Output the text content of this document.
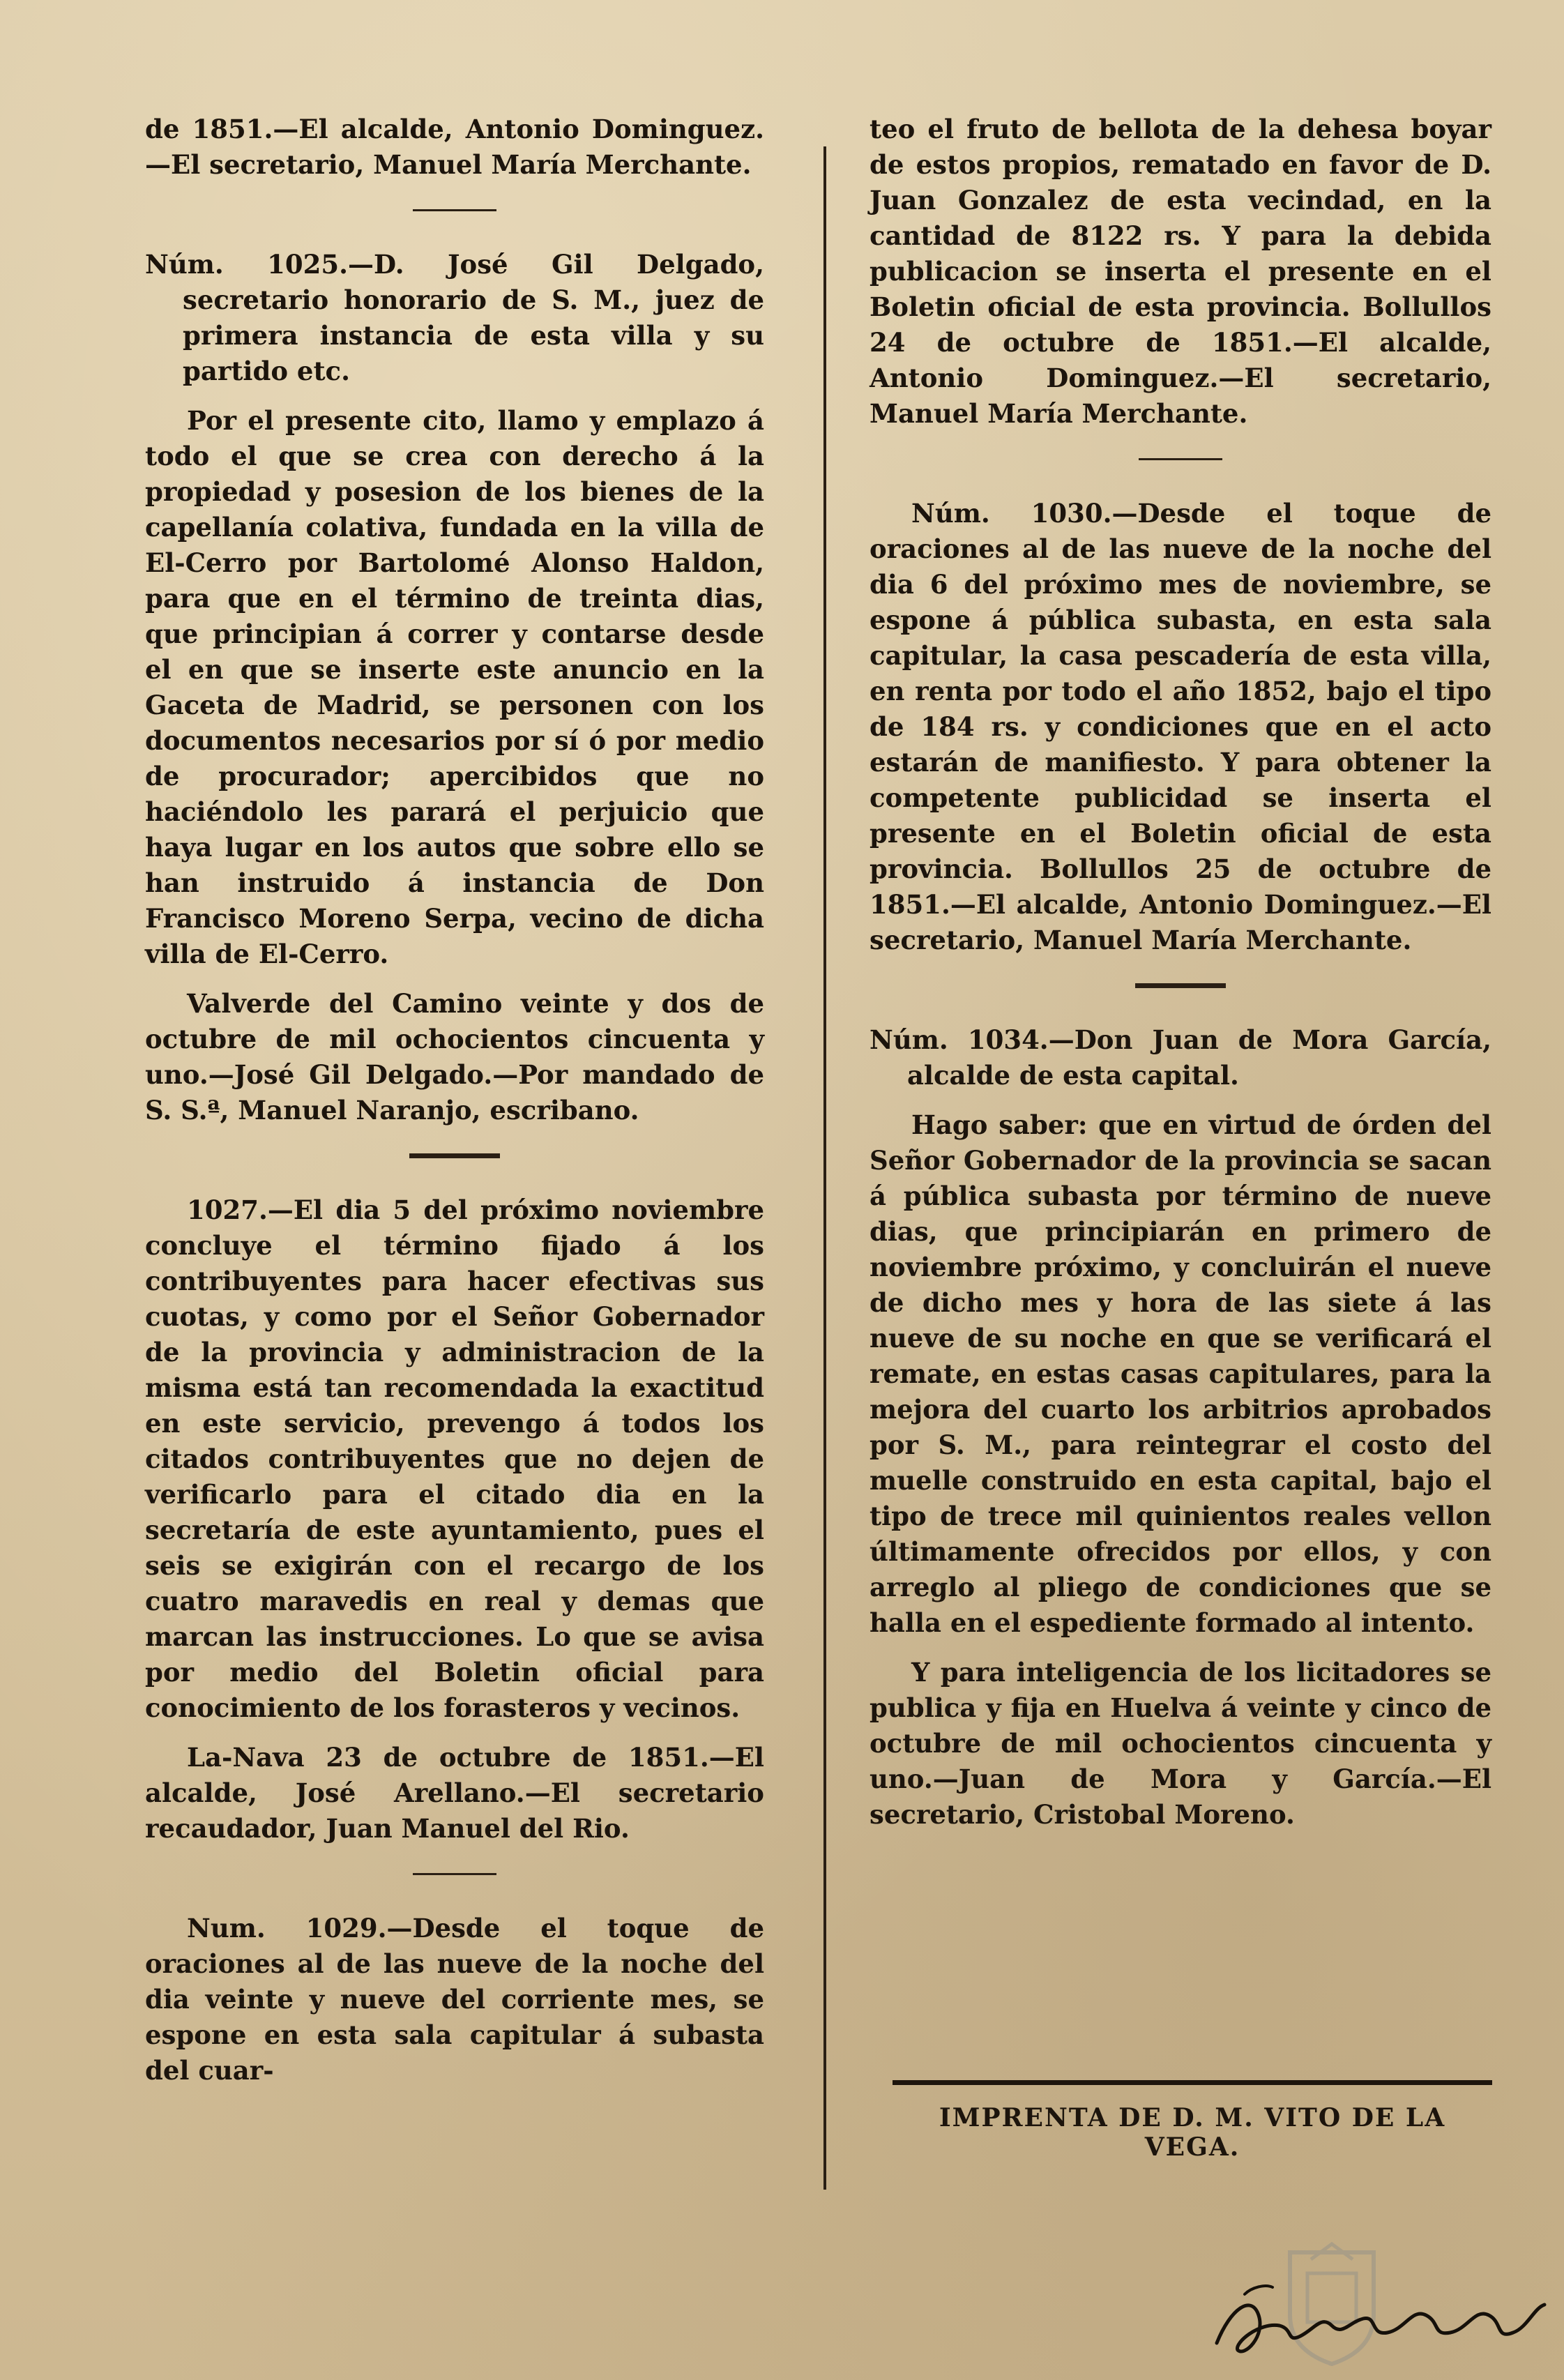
de 1851.—El alcalde, Antonio Dominguez.—El secretario, Manuel María Merchante.

Núm. 1025.—D. José Gil Delgado, secretario honorario de S. M., juez de primera instancia de esta villa y su partido etc.

Por el presente cito, llamo y emplazo á todo el que se crea con derecho á la propiedad y posesion de los bienes de la capellanía colativa, fundada en la villa de El-Cerro por Bartolomé Alonso Haldon, para que en el término de treinta dias, que principian á correr y contarse desde el en que se inserte este anuncio en la Gaceta de Madrid, se personen con los documentos necesarios por sí ó por medio de procurador; apercibidos que no haciéndolo les parará el perjuicio que haya lugar en los autos que sobre ello se han instruido á instancia de Don Francisco Moreno Serpa, vecino de dicha villa de El-Cerro.

Valverde del Camino veinte y dos de octubre de mil ochocientos cincuenta y uno.—José Gil Delgado.—Por mandado de S. S.ª, Manuel Naranjo, escribano.

1027.—El dia 5 del próximo noviembre concluye el término fijado á los contribuyentes para hacer efectivas sus cuotas, y como por el Señor Gobernador de la provincia y administracion de la misma está tan recomendada la exactitud en este servicio, prevengo á todos los citados contribuyentes que no dejen de verificarlo para el citado dia en la secretaría de este ayuntamiento, pues el seis se exigirán con el recargo de los cuatro maravedis en real y demas que marcan las instrucciones. Lo que se avisa por medio del Boletin oficial para conocimiento de los forasteros y vecinos.

La-Nava 23 de octubre de 1851.—El alcalde, José Arellano.—El secretario recaudador, Juan Manuel del Rio.

Num. 1029.—Desde el toque de oraciones al de las nueve de la noche del dia veinte y nueve del corriente mes, se espone en esta sala capitular á subasta del cuar-

teo el fruto de bellota de la dehesa boyar de estos propios, rematado en favor de D. Juan Gonzalez de esta vecindad, en la cantidad de 8122 rs. Y para la debida publicacion se inserta el presente en el Boletin oficial de esta provincia. Bollullos 24 de octubre de 1851.—El alcalde, Antonio Dominguez.—El secretario, Manuel María Merchante.

Núm. 1030.—Desde el toque de oraciones al de las nueve de la noche del dia 6 del próximo mes de noviembre, se espone á pública subasta, en esta sala capitular, la casa pescadería de esta villa, en renta por todo el año 1852, bajo el tipo de 184 rs. y condiciones que en el acto estarán de manifiesto. Y para obtener la competente publicidad se inserta el presente en el Boletin oficial de esta provincia. Bollullos 25 de octubre de 1851.—El alcalde, Antonio Dominguez.—El secretario, Manuel María Merchante.

Núm. 1034.—Don Juan de Mora García, alcalde de esta capital.

Hago saber: que en virtud de órden del Señor Gobernador de la provincia se sacan á pública subasta por término de nueve dias, que principiarán en primero de noviembre próximo, y concluirán el nueve de dicho mes y hora de las siete á las nueve de su noche en que se verificará el remate, en estas casas capitulares, para la mejora del cuarto los arbitrios aprobados por S. M., para reintegrar el costo del muelle construido en esta capital, bajo el tipo de trece mil quinientos reales vellon últimamente ofrecidos por ellos, y con arreglo al pliego de condiciones que se halla en el espediente formado al intento.

Y para inteligencia de los licitadores se publica y fija en Huelva á veinte y cinco de octubre de mil ochocientos cincuenta y uno.—Juan de Mora y García.—El secretario, Cristobal Moreno.

IMPRENTA DE D. M. VITO DE LA VEGA.
